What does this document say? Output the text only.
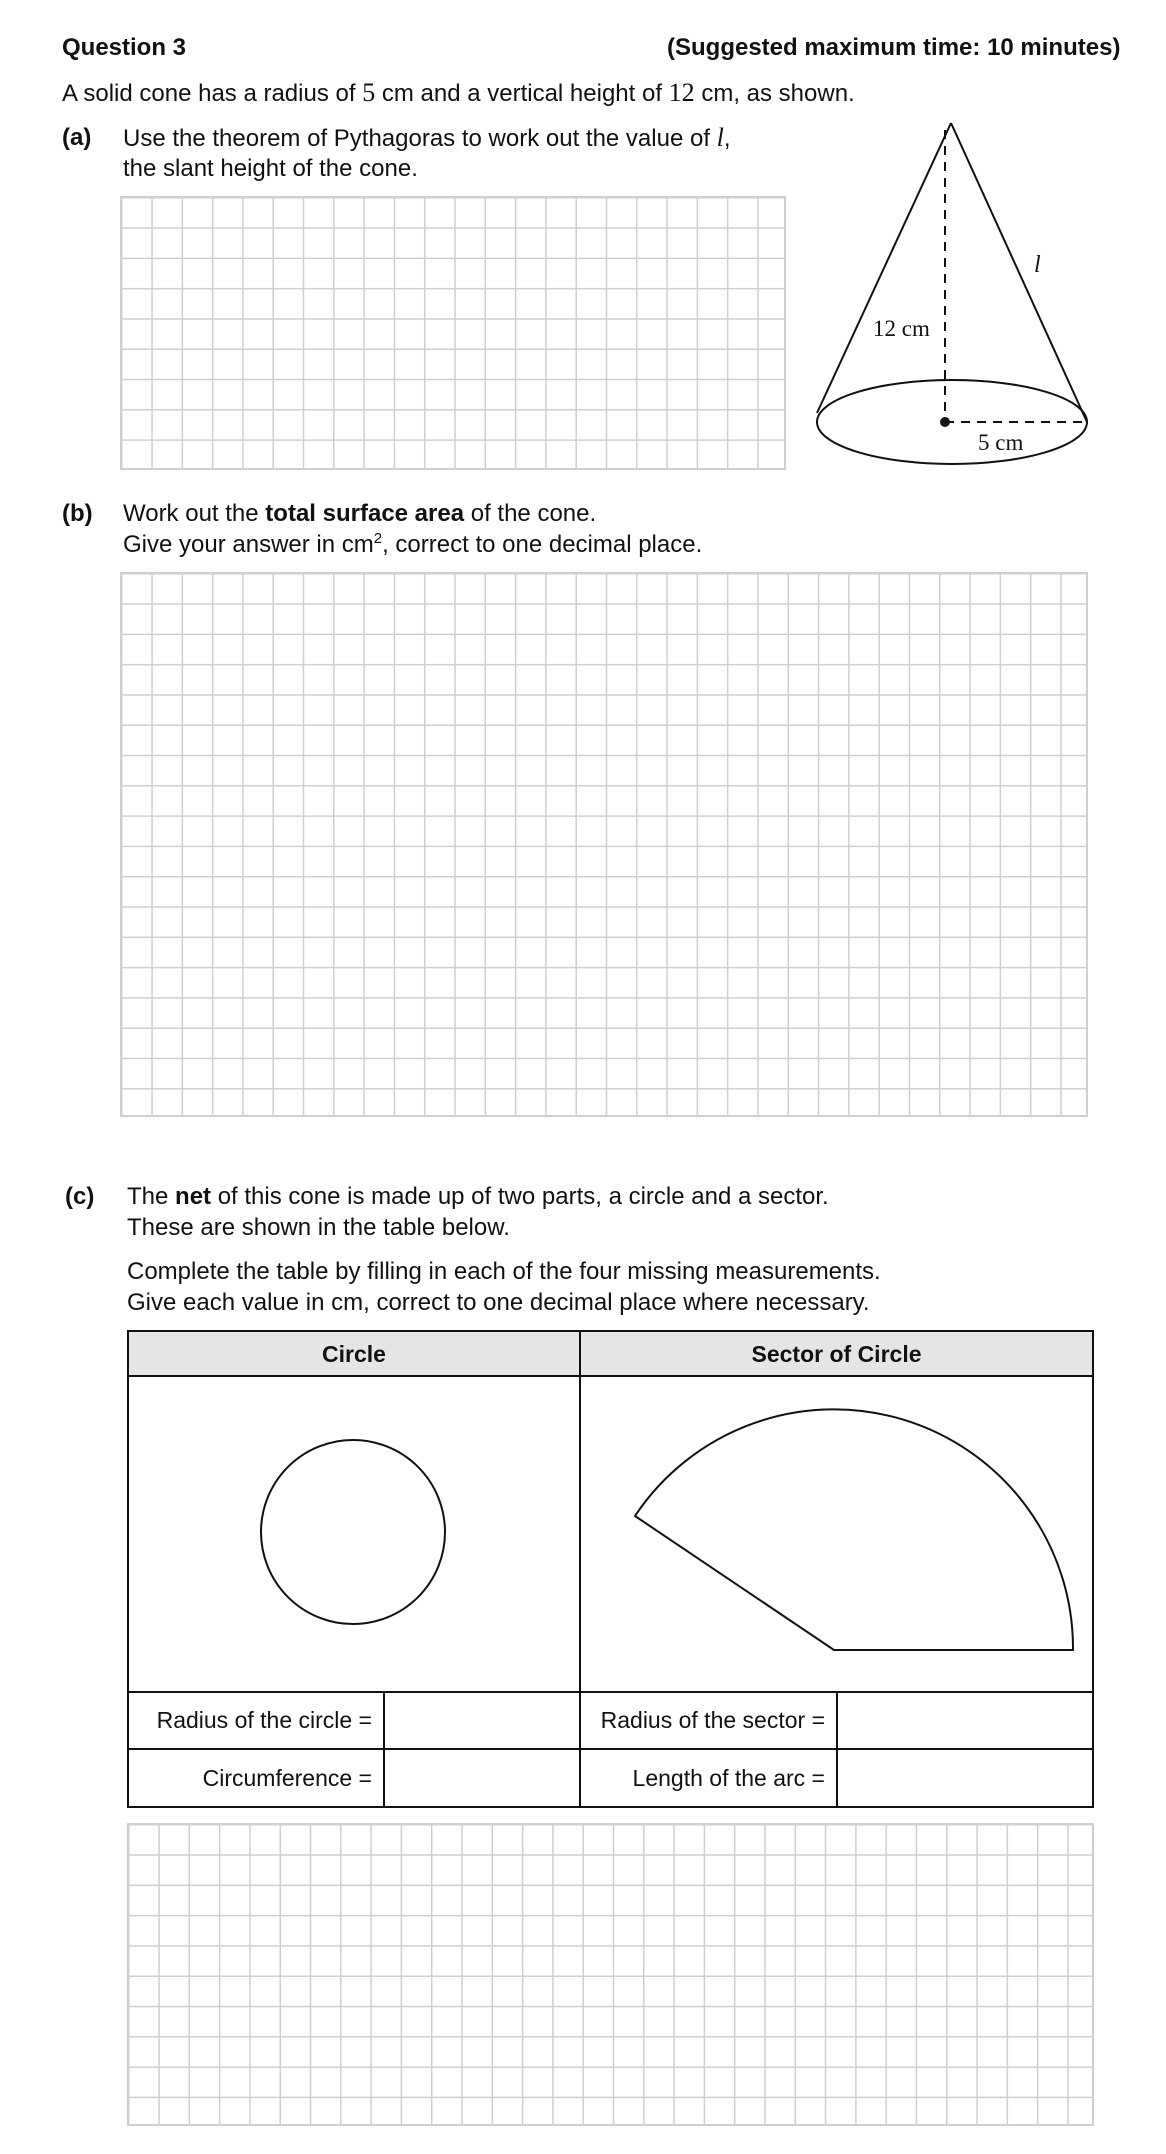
Question 3	(Suggested maximum time: 10 minutes)
A solid cone has a radius of 5 cm and a vertical height of 12 cm, as shown.
(a) Use the theorem of Pythagoras to work out the value of l,
the slant height of the cone.
12 cm
5 cm
l
(b) Work out the total surface area of the cone.
Give your answer in $cm^2$, correct to one decimal place.
(c) The net of this cone is made up of two parts, a circle and a sector.
These are shown in the table below.
Complete the table by filling in each of the four missing measurements.
Give each value in cm, correct to one decimal place where necessary.
Circle	Sector of Circle
Radius of the circle =
Circumference =
Radius of the sector =
Length of the arc =
